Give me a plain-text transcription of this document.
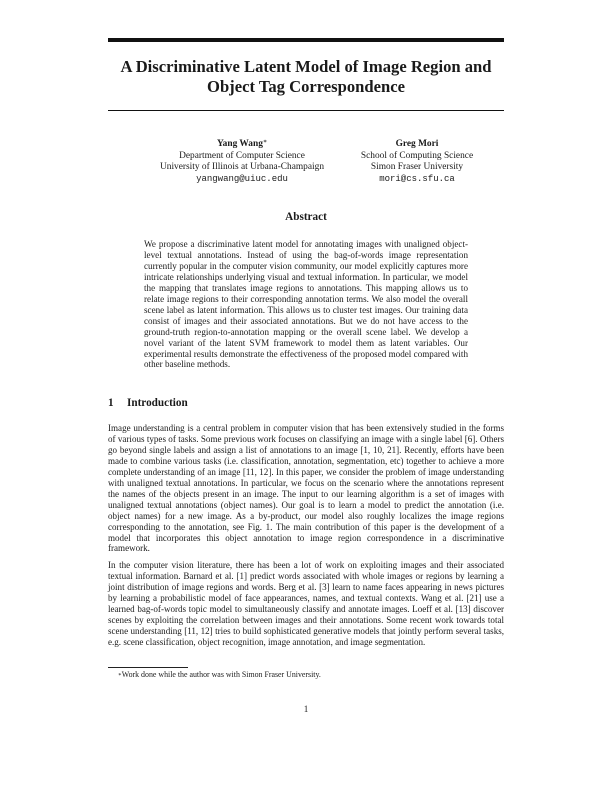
A Discriminative Latent Model of Image Region and Object Tag Correspondence
Yang Wang∗
Department of Computer Science
University of Illinois at Urbana-Champaign
yangwang@uiuc.edu
Greg Mori
School of Computing Science
Simon Fraser University
mori@cs.sfu.ca
Abstract

We propose a discriminative latent model for annotating images with unaligned object-level textual annotations. Instead of using the bag-of-words image representation currently popular in the computer vision community, our model explicitly captures more intricate relationships underlying visual and textual information. In particular, we model the mapping that translates image regions to annotations. This mapping allows us to relate image regions to their corresponding annotation terms. We also model the overall scene label as latent information. This allows us to cluster test images. Our training data consist of images and their associated annotations. But we do not have access to the ground-truth region-to-annotation mapping or the overall scene label. We develop a novel variant of the latent SVM framework to model them as latent variables. Our experimental results demonstrate the effectiveness of the proposed model compared with other baseline methods.

1 Introduction

Image understanding is a central problem in computer vision that has been extensively studied in the forms of various types of tasks. Some previous work focuses on classifying an image with a single label [6]. Others go beyond single labels and assign a list of annotations to an image [1, 10, 21]. Recently, efforts have been made to combine various tasks (i.e. classification, annotation, segmentation, etc) together to achieve a more complete understanding of an image [11, 12]. In this paper, we consider the problem of image understanding with unaligned textual annotations. In particular, we focus on the scenario where the annotations represent the names of the objects present in an image. The input to our learning algorithm is a set of images with unaligned textual annotations (object names). Our goal is to learn a model to predict the annotation (i.e. object names) for a new image. As a by-product, our model also roughly localizes the image regions corresponding to the annotation, see Fig. 1. The main contribution of this paper is the development of a model that incorporates this object annotation to image region correspondence in a discriminative framework.

In the computer vision literature, there has been a lot of work on exploiting images and their associated textual information. Barnard et al. [1] predict words associated with whole images or regions by learning a joint distribution of image regions and words. Berg et al. [3] learn to name faces appearing in news pictures by learning a probabilistic model of face appearances, names, and textual contexts. Wang et al. [21] use a learned bag-of-words topic model to simultaneously classify and annotate images. Loeff et al. [13] discover scenes by exploiting the correlation between images and their annotations. Some recent work towards total scene understanding [11, 12] tries to build sophisticated generative models that jointly perform several tasks, e.g. scene classification, object recognition, image annotation, and image segmentation.

∗Work done while the author was with Simon Fraser University.

1
